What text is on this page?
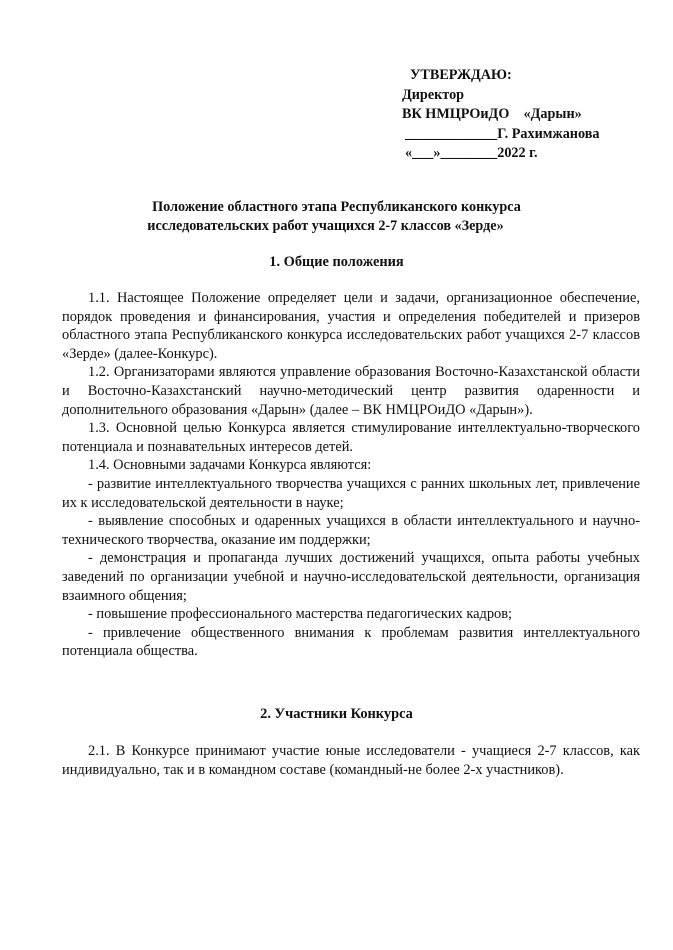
УТВЕРЖДАЮ:
Директор
ВК НМЦРОиДО    «Дарын»
_____________Г. Рахимжанова
«___»________2022 г.
Положение областного этапа Республиканского конкурса
исследовательских работ учащихся 2-7 классов «Зерде»
1. Общие положения

1.1. Настоящее Положение определяет цели и задачи, организационное обеспечение, порядок проведения и финансирования, участия и определения победителей и призеров областного этапа Республиканского конкурса исследовательских работ учащихся 2-7 классов «Зерде» (далее-Конкурс).

1.2. Организаторами являются управление образования Восточно-Казахстанской области и Восточно-Казахстанский научно-методический центр развития одаренности и дополнительного образования «Дарын» (далее – ВК НМЦРОиДО «Дарын»).

1.3. Основной целью Конкурса является стимулирование интеллектуально-творческого потенциала и познавательных интересов детей.

1.4. Основными задачами Конкурса являются:

- развитие интеллектуального творчества учащихся с ранних школьных лет, привлечение их к исследовательской деятельности в науке;

- выявление способных и одаренных учащихся в области интеллектуального и научно-технического творчества, оказание им поддержки;

- демонстрация и пропаганда лучших достижений учащихся, опыта работы учебных заведений по организации учебной и научно-исследовательской деятельности, организация взаимного общения;

- повышение профессионального мастерства педагогических кадров;

- привлечение общественного внимания к проблемам развития интеллектуального потенциала общества.

2. Участники Конкурса

2.1. В Конкурсе принимают участие юные исследователи - учащиеся 2-7 классов, как индивидуально, так и в командном составе (командный-не более 2-х участников).
